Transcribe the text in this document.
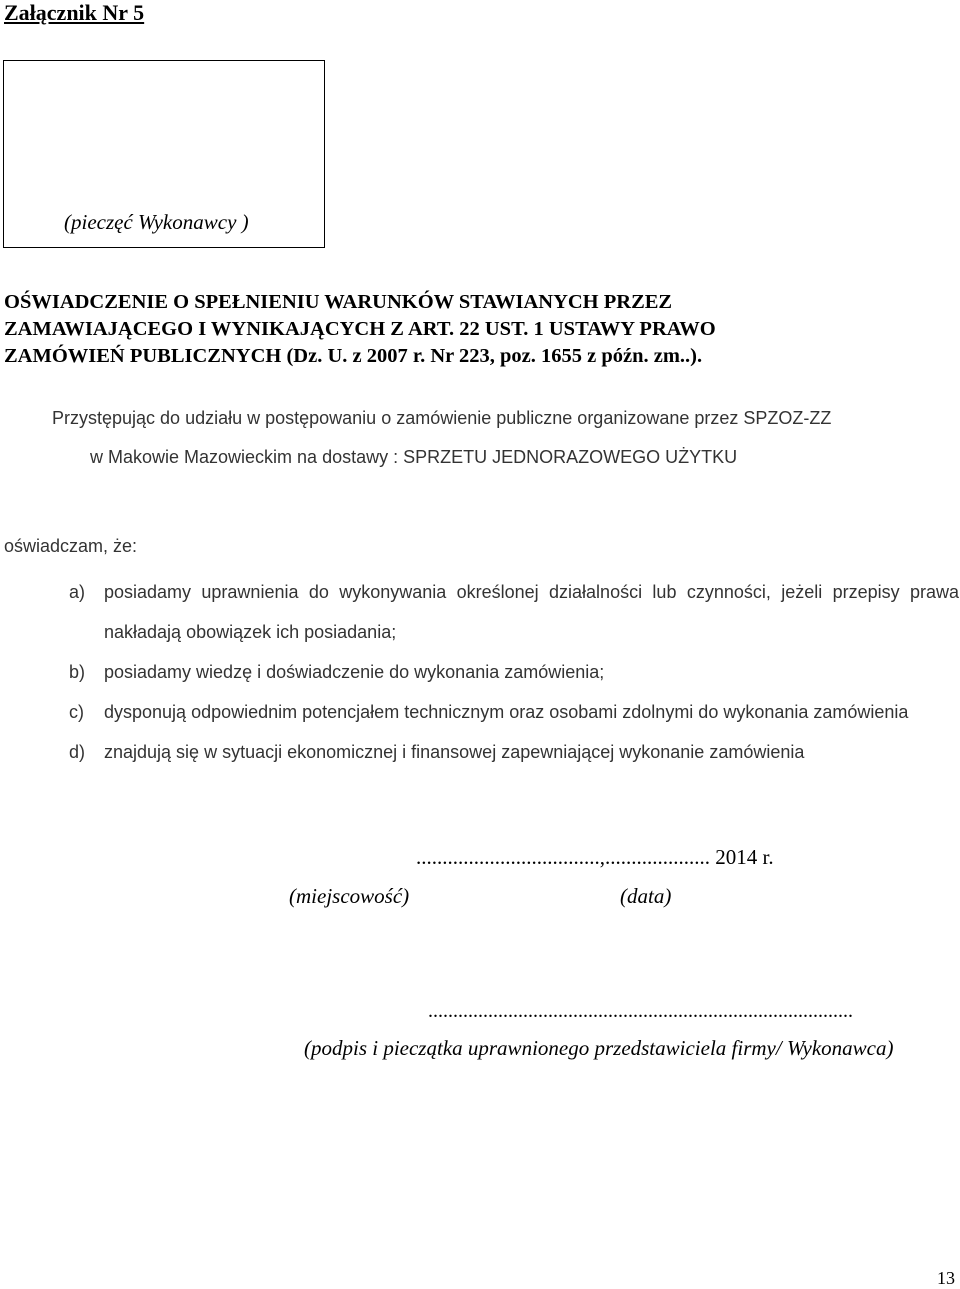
Załącznik Nr 5
(pieczęć Wykonawcy )
OŚWIADCZENIE O SPEŁNIENIU WARUNKÓW STAWIANYCH PRZEZ
ZAMAWIAJĄCEGO I WYNIKAJĄCYCH Z ART. 22 UST. 1 USTAWY PRAWO
ZAMÓWIEŃ PUBLICZNYCH (Dz. U. z 2007 r. Nr 223, poz. 1655 z późn. zm..).
Przystępując do udziału w postępowaniu o zamówienie publiczne organizowane przez SPZOZ-ZZ
w Makowie Mazowieckim na dostawy : SPRZETU JEDNORAZOWEGO UŻYTKU
oświadczam, że:
a) posiadamy uprawnienia do wykonywania określonej działalności lub czynności, jeżeli przepisy prawa nakładają obowiązek ich posiadania;
b) posiadamy wiedzę i doświadczenie do wykonania zamówienia;
c) dysponują odpowiednim potencjałem technicznym oraz osobami zdolnymi do wykonania zamówienia
d) znajdują się w sytuacji ekonomicznej i finansowej zapewniającej wykonanie zamówienia
...................................,.................... 2014 r.
(miejscowość)	(data)
.....................................................................................
(podpis i pieczątka uprawnionego przedstawiciela firmy/ Wykonawca)
13
